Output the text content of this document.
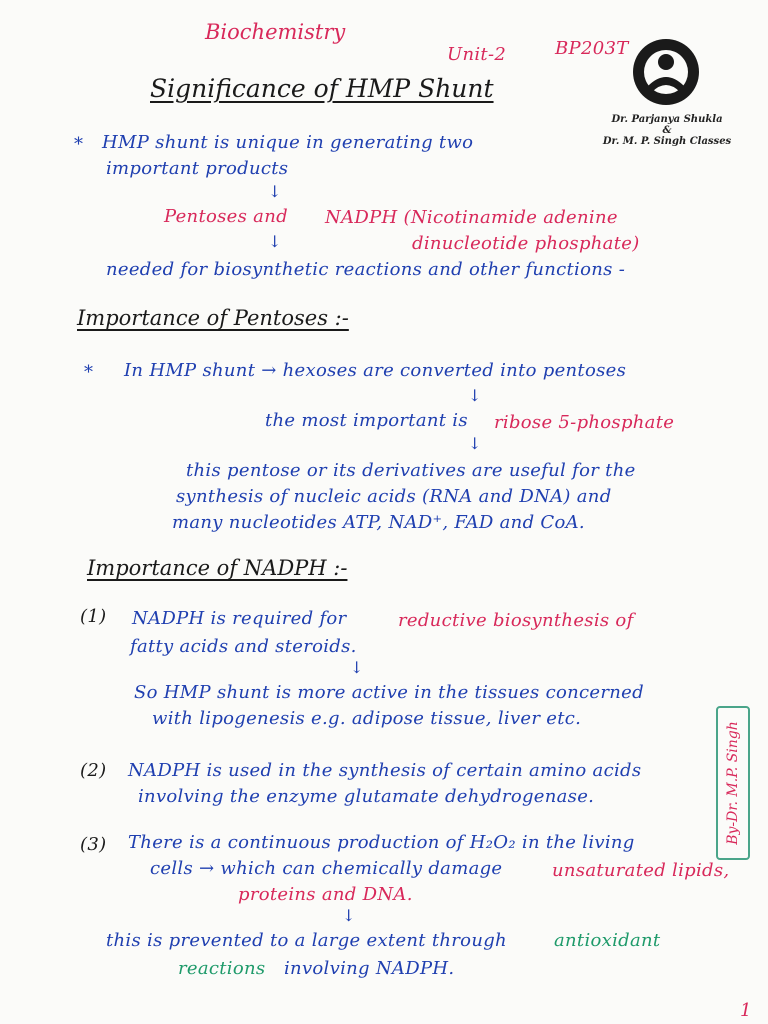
Biochemistry
Unit-2	BP203T
Significance of HMP Shunt
Dr. Parjanya Shukla
&
Dr. M. P. Singh Classes
* HMP shunt is unique in generating two
important products
↓
Pentoses and NADPH (Nicotinamide adenine
dinucleotide phosphate)
↓
needed for biosynthetic reactions and other functions -
Importance of Pentoses :-
* In HMP shunt → hexoses are converted into pentoses
↓
the most important is ribose 5-phosphate
↓
this pentose or its derivatives are useful for the
synthesis of nucleic acids (RNA and DNA) and
many nucleotides ATP, NAD⁺, FAD and CoA.
Importance of NADPH :-
(1) NADPH is required for	reductive biosynthesis of
fatty acids and steroids.
↓
So HMP shunt is more active in the tissues concerned
with lipogenesis e.g. adipose tissue, liver etc.
(2) NADPH is used in the synthesis of certain amino acids
involving the enzyme glutamate dehydrogenase.
(3) There is a continuous production of H₂O₂ in the living
cells → which can chemically damage	unsaturated lipids,
proteins and DNA.
↓
this is prevented to a large extent through	antioxidant
reactions involving NADPH.
By-Dr. M.P. Singh
1
